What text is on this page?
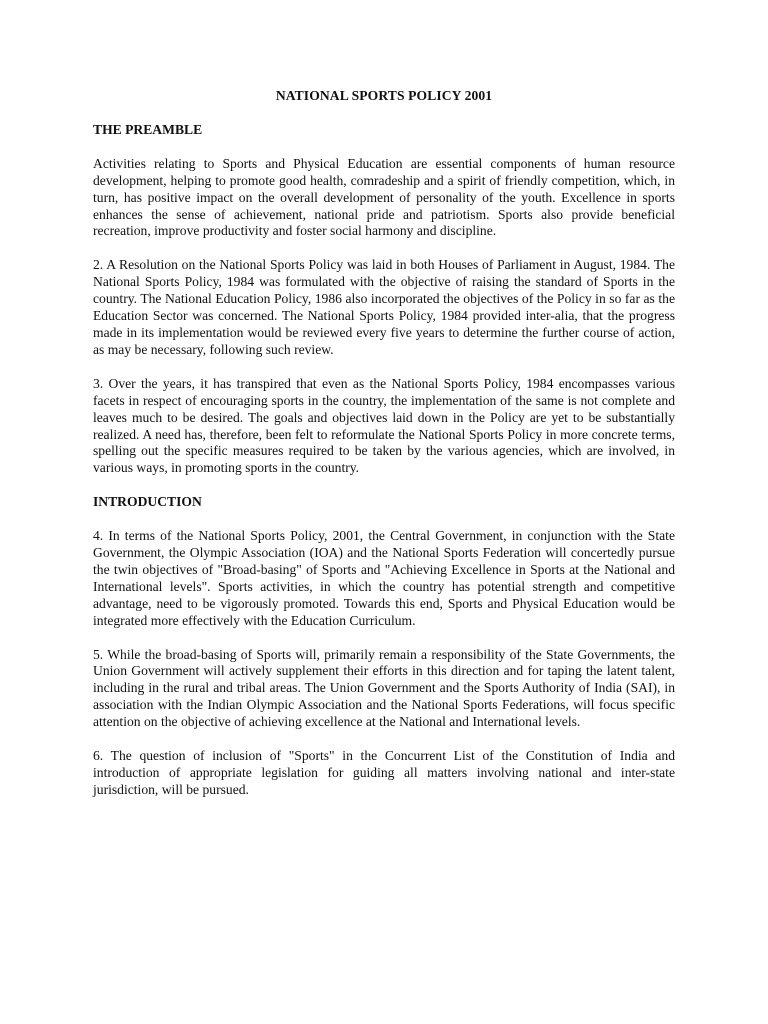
NATIONAL SPORTS POLICY 2001
THE PREAMBLE

Activities relating to Sports and Physical Education are essential components of human resource development, helping to promote good health, comradeship and a spirit of friendly competition, which, in turn, has positive impact on the overall development of personality of the youth. Excellence in sports enhances the sense of achievement, national pride and patriotism. Sports also provide beneficial recreation, improve productivity and foster social harmony and discipline.

2. A Resolution on the National Sports Policy was laid in both Houses of Parliament in August, 1984. The National Sports Policy, 1984 was formulated with the objective of raising the standard of Sports in the country. The National Education Policy, 1986 also incorporated the objectives of the Policy in so far as the Education Sector was concerned. The National Sports Policy, 1984 provided inter-alia, that the progress made in its implementation would be reviewed every five years to determine the further course of action, as may be necessary, following such review.

3. Over the years, it has transpired that even as the National Sports Policy, 1984 encompasses various facets in respect of encouraging sports in the country, the implementation of the same is not complete and leaves much to be desired. The goals and objectives laid down in the Policy are yet to be substantially realized. A need has, therefore, been felt to reformulate the National Sports Policy in more concrete terms, spelling out the specific measures required to be taken by the various agencies, which are involved, in various ways, in promoting sports in the country.

INTRODUCTION

4. In terms of the National Sports Policy, 2001, the Central Government, in conjunction with the State Government, the Olympic Association (IOA) and the National Sports Federation will concertedly pursue the twin objectives of "Broad-basing" of Sports and "Achieving Excellence in Sports at the National and International levels". Sports activities, in which the country has potential strength and competitive advantage, need to be vigorously promoted. Towards this end, Sports and Physical Education would be integrated more effectively with the Education Curriculum.

5. While the broad-basing of Sports will, primarily remain a responsibility of the State Governments, the Union Government will actively supplement their efforts in this direction and for taping the latent talent, including in the rural and tribal areas. The Union Government and the Sports Authority of India (SAI), in association with the Indian Olympic Association and the National Sports Federations, will focus specific attention on the objective of achieving excellence at the National and International levels.

6. The question of inclusion of "Sports" in the Concurrent List of the Constitution of India and introduction of appropriate legislation for guiding all matters involving national and inter-state jurisdiction, will be pursued.
